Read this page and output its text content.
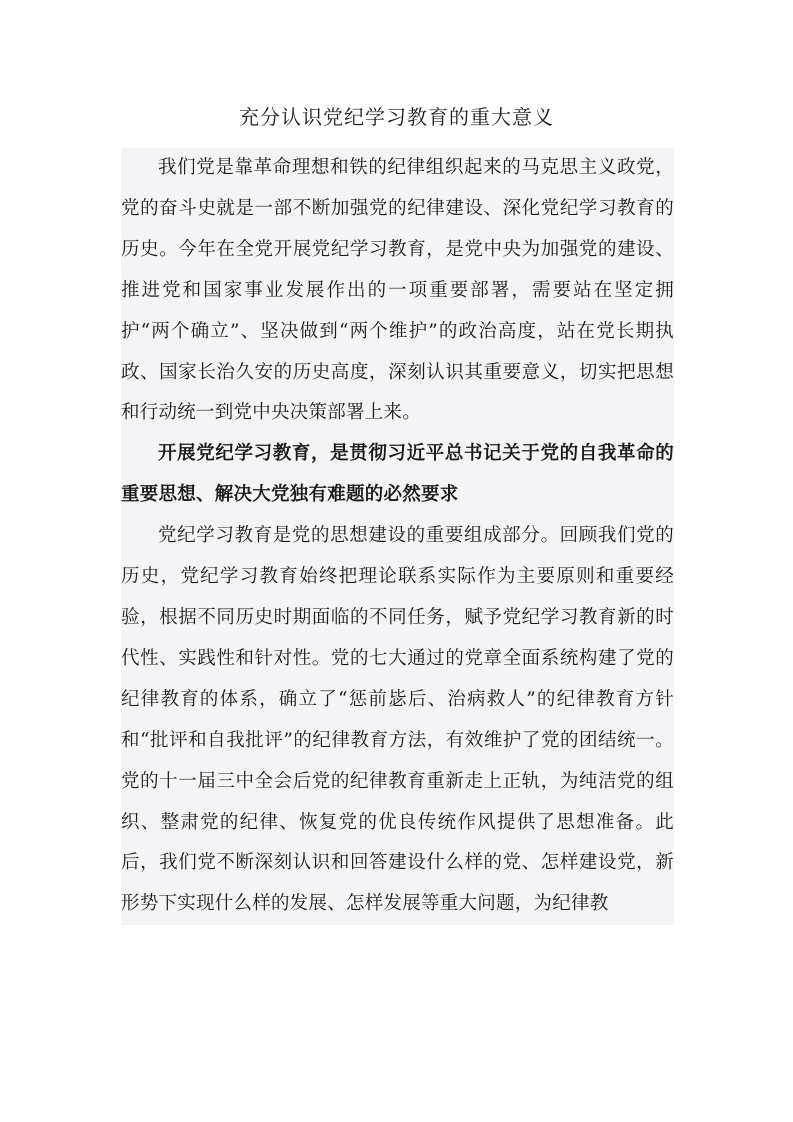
充分认识党纪学习教育的重大意义

我们党是靠革命理想和铁的纪律组织起来的马克思主义政党，党的奋斗史就是一部不断加强党的纪律建设、深化党纪学习教育的历史。今年在全党开展党纪学习教育，是党中央为加强党的建设、推进党和国家事业发展作出的一项重要部署，需要站在坚定拥护“两个确立”、坚决做到“两个维护”的政治高度，站在党长期执政、国家长治久安的历史高度，深刻认识其重要意义，切实把思想和行动统一到党中央决策部署上来。

开展党纪学习教育，是贯彻习近平总书记关于党的自我革命的重要思想、解决大党独有难题的必然要求

党纪学习教育是党的思想建设的重要组成部分。回顾我们党的历史，党纪学习教育始终把理论联系实际作为主要原则和重要经验，根据不同历史时期面临的不同任务，赋予党纪学习教育新的时代性、实践性和针对性。党的七大通过的党章全面系统构建了党的纪律教育的体系，确立了“惩前毖后、治病救人”的纪律教育方针和“批评和自我批评”的纪律教育方法，有效维护了党的团结统一。党的十一届三中全会后党的纪律教育重新走上正轨，为纯洁党的组织、整肃党的纪律、恢复党的优良传统作风提供了思想准备。此后，我们党不断深刻认识和回答建设什么样的党、怎样建设党，新形势下实现什么样的发展、怎样发展等重大问题，为纪律教
